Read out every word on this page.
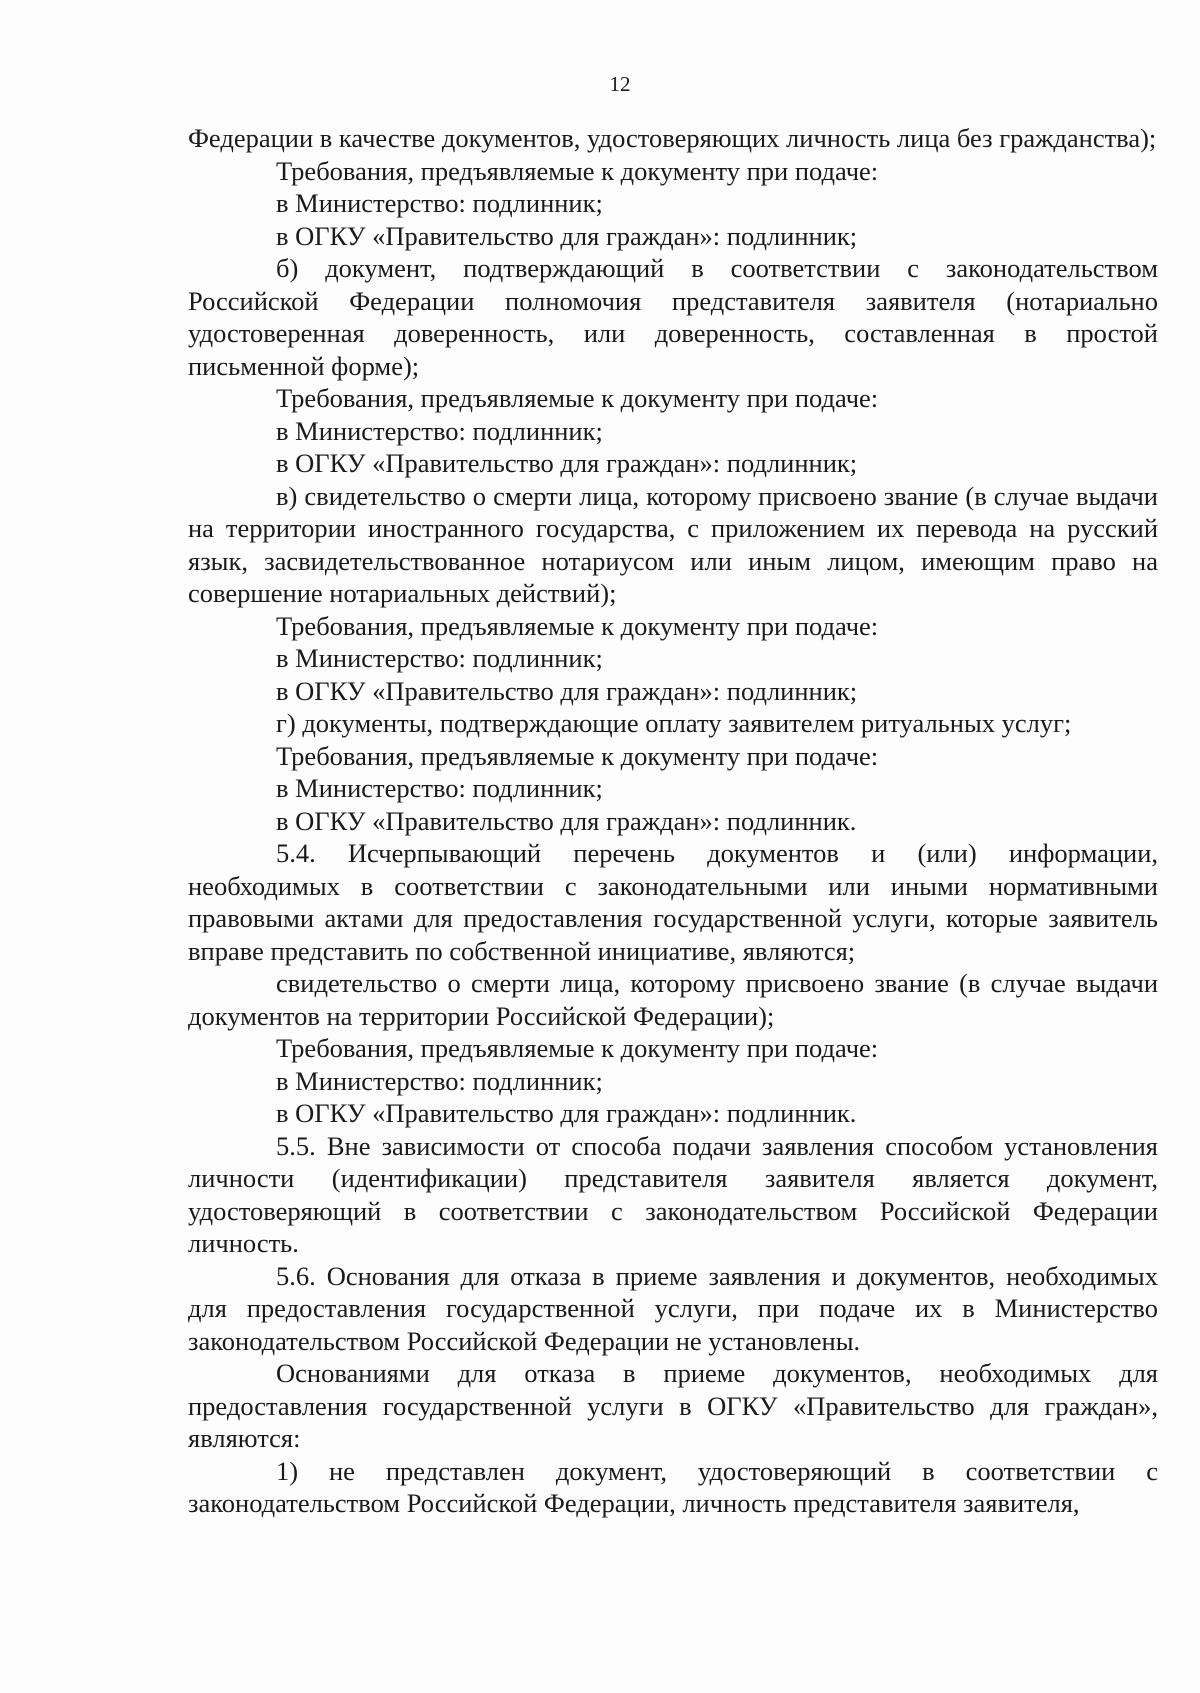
12

Федерации в качестве документов, удостоверяющих личность лица без гражданства);

Требования, предъявляемые к документу при подаче:

в Министерство: подлинник;

в ОГКУ «Правительство для граждан»: подлинник;

б) документ, подтверждающий в соответствии с законодательством Российской Федерации полномочия представителя заявителя (нотариально удостоверенная доверенность, или доверенность, составленная в простой письменной форме);

Требования, предъявляемые к документу при подаче:

в Министерство: подлинник;

в ОГКУ «Правительство для граждан»: подлинник;

в) свидетельство о смерти лица, которому присвоено звание (в случае выдачи на территории иностранного государства, с приложением их перевода на русский язык, засвидетельствованное нотариусом или иным лицом, имеющим право на совершение нотариальных действий);

Требования, предъявляемые к документу при подаче:

в Министерство: подлинник;

в ОГКУ «Правительство для граждан»: подлинник;

г) документы, подтверждающие оплату заявителем ритуальных услуг;

Требования, предъявляемые к документу при подаче:

в Министерство: подлинник;

в ОГКУ «Правительство для граждан»: подлинник.

5.4. Исчерпывающий перечень документов и (или) информации, необходимых в соответствии с законодательными или иными нормативными правовыми актами для предоставления государственной услуги, которые заявитель вправе представить по собственной инициативе, являются;

свидетельство о смерти лица, которому присвоено звание (в случае выдачи документов на территории Российской Федерации);

Требования, предъявляемые к документу при подаче:

в Министерство: подлинник;

в ОГКУ «Правительство для граждан»: подлинник.

5.5. Вне зависимости от способа подачи заявления способом установления личности (идентификации) представителя заявителя является документ, удостоверяющий в соответствии с законодательством Российской Федерации личность.

5.6. Основания для отказа в приеме заявления и документов, необходимых для предоставления государственной услуги, при подаче их в Министерство законодательством Российской Федерации не установлены.

Основаниями для отказа в приеме документов, необходимых для предоставления государственной услуги в ОГКУ «Правительство для граждан», являются:

1) не представлен документ, удостоверяющий в соответствии с законодательством Российской Федерации, личность представителя заявителя,
